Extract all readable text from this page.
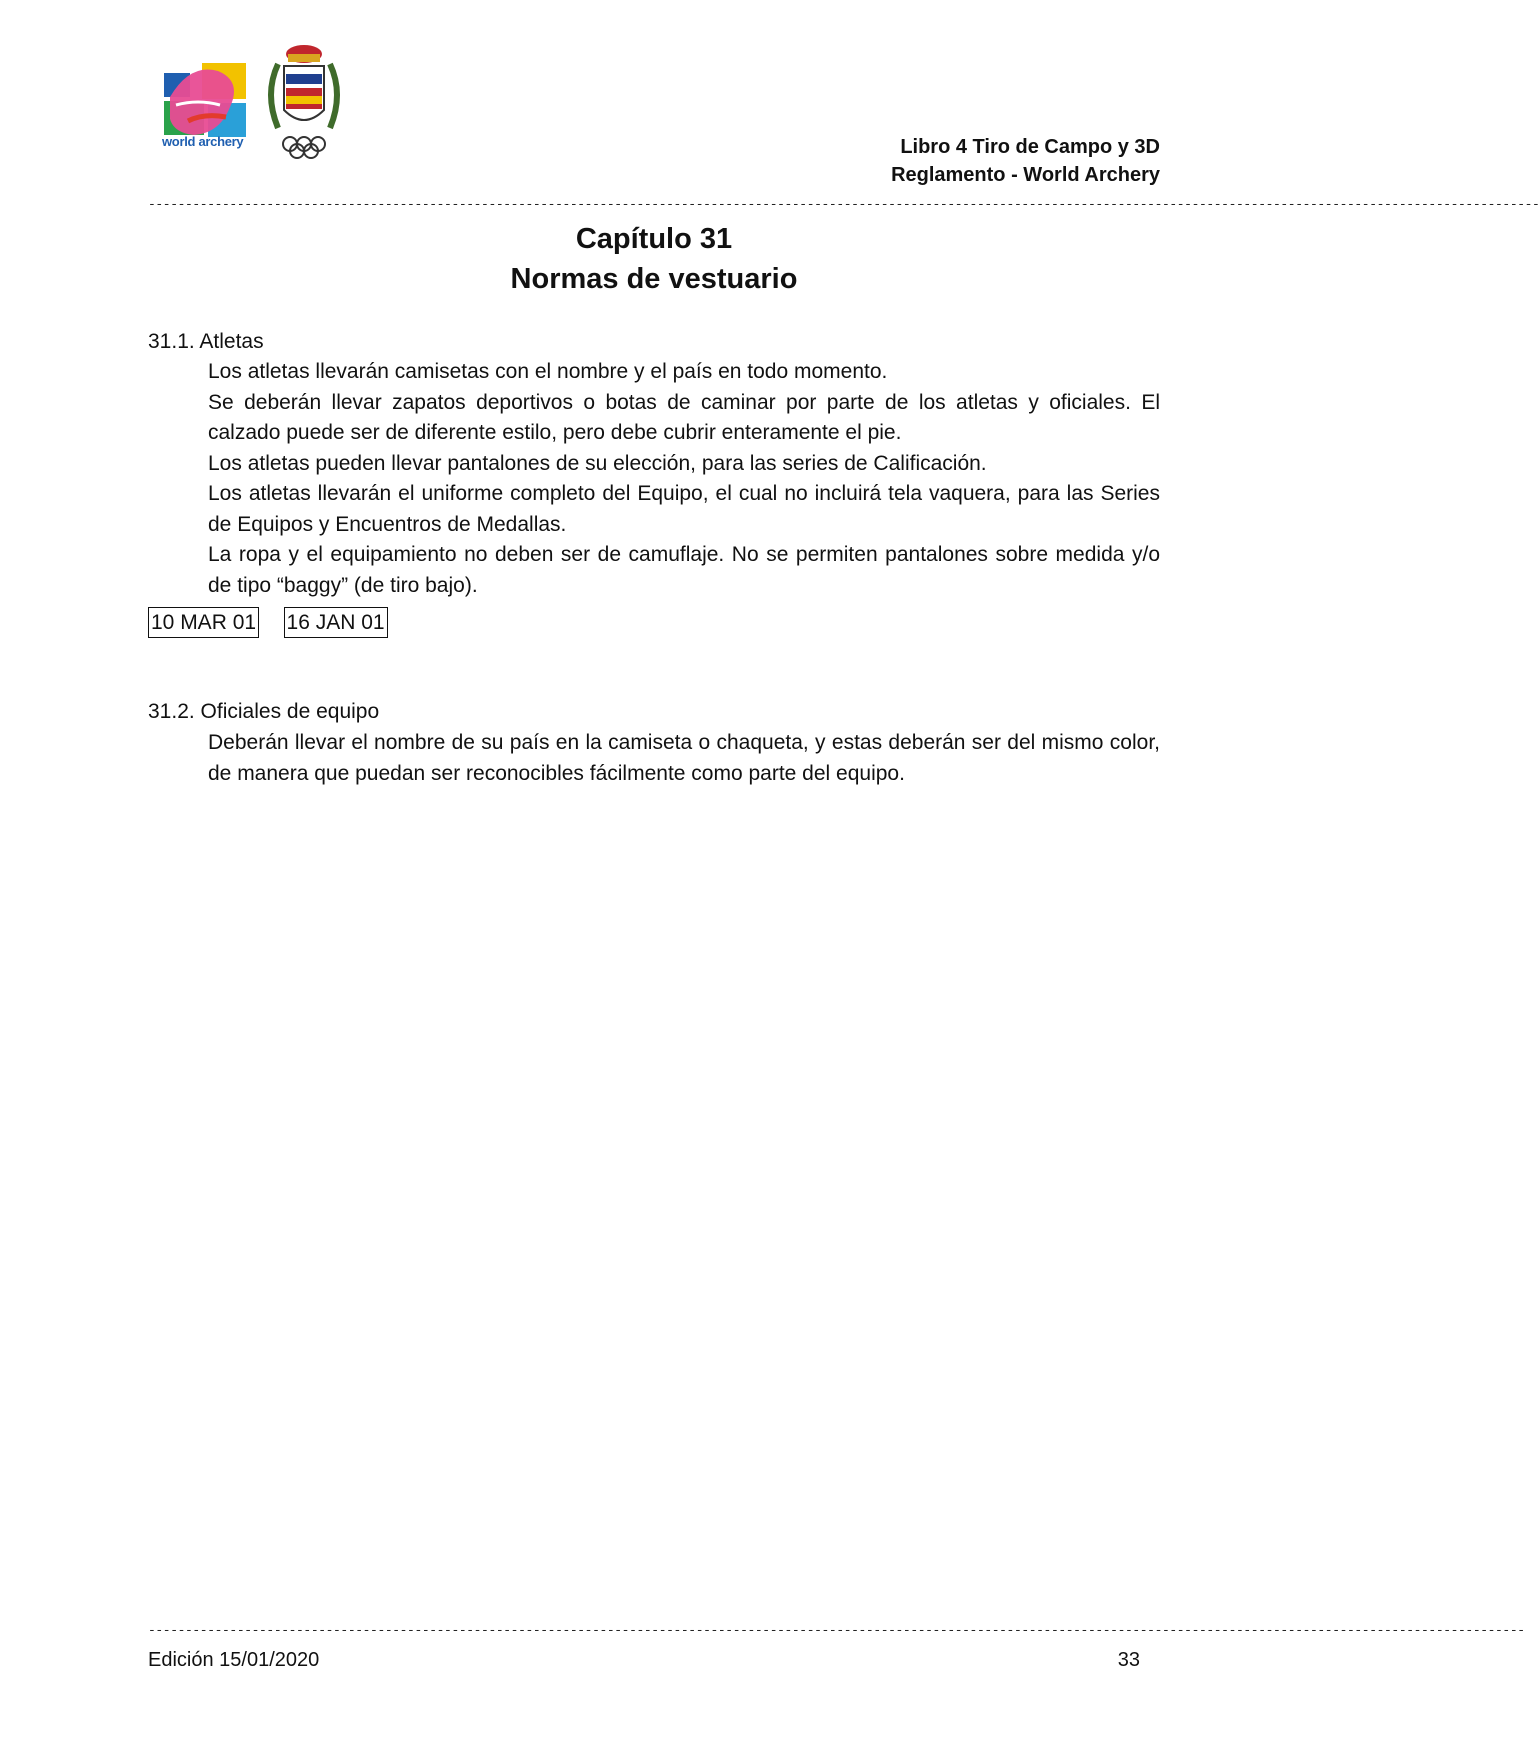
world archery	Libro 4 Tiro de Campo y 3D
Reglamento - World Archery
--------------------------------------------------------------------------------------------------------------------------------------------------------------------------------------------
Capítulo 31
Normas de vestuario
31.1. Atletas

Los atletas llevarán camisetas con el nombre y el país en todo momento.

Se deberán llevar zapatos deportivos o botas de caminar por parte de los atletas y oficiales. El calzado puede ser de diferente estilo, pero debe cubrir enteramente el pie.

Los atletas pueden llevar pantalones de su elección, para las series de Calificación.

Los atletas llevarán el uniforme completo del Equipo, el cual no incluirá tela vaquera, para las Series de Equipos y Encuentros de Medallas.

La ropa y el equipamiento no deben ser de camuflaje. No se permiten pantalones sobre medida y/o de tipo “baggy” (de tiro bajo).

10 MAR 01 16 JAN 01
31.2. Oficiales de equipo

Deberán llevar el nombre de su país en la camiseta o chaqueta, y estas deberán ser del mismo color, de manera que puedan ser reconocibles fácilmente como parte del equipo.

------------------------------------------------------------------------------------------------------------------------------------------------------------------------------------------
Edición 15/01/2020	33
